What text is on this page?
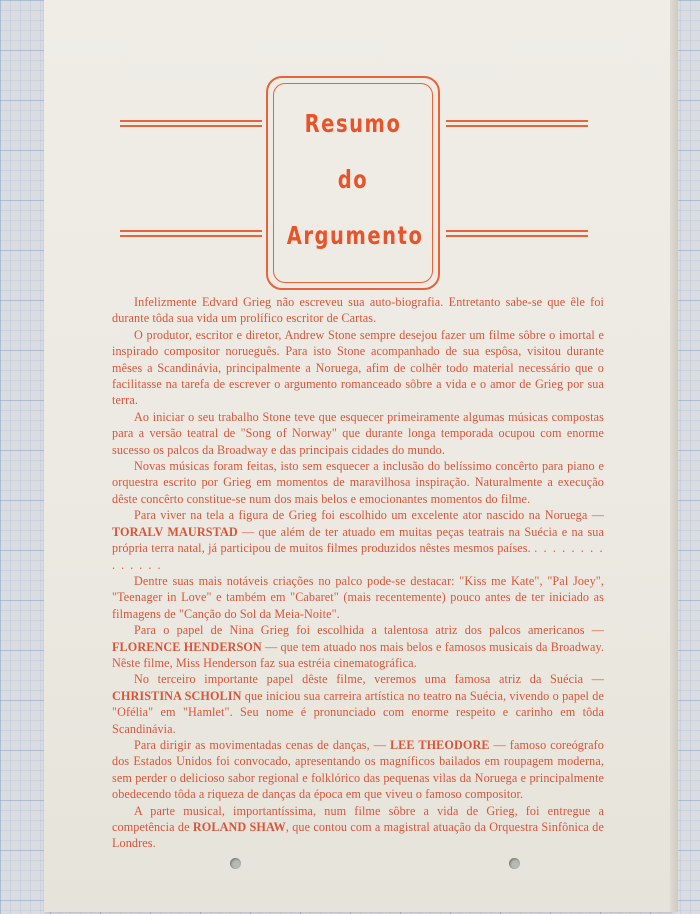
Resumo
do
Argumento

Infelizmente Edvard Grieg não escreveu sua auto-biografia. Entretanto sabe-se que êle foi durante tôda sua vida um prolífico escritor de Cartas.

O produtor, escritor e diretor, Andrew Stone sempre desejou fazer um filme sôbre o imortal e inspirado compositor norueguês. Para isto Stone acompanhado de sua espôsa, visitou durante mêses a Scandinávia, principalmente a Noruega, afim de colhêr todo material necessário que o facilitasse na tarefa de escrever o argumento romanceado sôbre a vida e o amor de Grieg por sua terra.

Ao iniciar o seu trabalho Stone teve que esquecer primeiramente algumas músicas compostas para a versão teatral de "Song of Norway" que durante longa temporada ocupou com enorme sucesso os palcos da Broadway e das principais cidades do mundo.

Novas músicas foram feitas, isto sem esquecer a inclusão do belíssimo concêrto para piano e orquestra escrito por Grieg em momentos de maravilhosa inspiração. Naturalmente a execução dêste concêrto constitue-se num dos mais belos e emocionantes momentos do filme.

Para viver na tela a figura de Grieg foi escolhido um excelente ator nascido na Noruega — TORALV MAURSTAD — que além de ter atuado em muitas peças teatrais na Suécia e na sua própria terra natal, já participou de muitos filmes produzidos nêstes mesmos países. . . . . . . . . . . . . . .

Dentre suas mais notáveis criações no palco pode-se destacar: "Kiss me Kate", "Pal Joey", "Teenager in Love" e também em "Cabaret" (mais recentemente) pouco antes de ter iniciado as filmagens de "Canção do Sol da Meia-Noite".

Para o papel de Nina Grieg foi escolhida a talentosa atriz dos palcos americanos — FLORENCE HENDERSON — que tem atuado nos mais belos e famosos musicais da Broadway. Nêste filme, Miss Henderson faz sua estréia cinematográfica.

No terceiro importante papel dêste filme, veremos uma famosa atriz da Suécia — CHRISTINA SCHOLIN que iniciou sua carreira artística no teatro na Suécia, vivendo o papel de "Ofélia" em "Hamlet". Seu nome é pronunciado com enorme respeito e carinho em tôda Scandinávia.

Para dirigir as movimentadas cenas de danças, — LEE THEODORE — famoso coreógrafo dos Estados Unidos foi convocado, apresentando os magníficos bailados em roupagem moderna, sem perder o delicioso sabor regional e folklórico das pequenas vilas da Noruega e principalmente obedecendo tôda a riqueza de danças da época em que viveu o famoso compositor.

A parte musical, importantíssima, num filme sôbre a vida de Grieg, foi entregue a competência de ROLAND SHAW, que contou com a magistral atuação da Orquestra Sinfônica de Londres.
